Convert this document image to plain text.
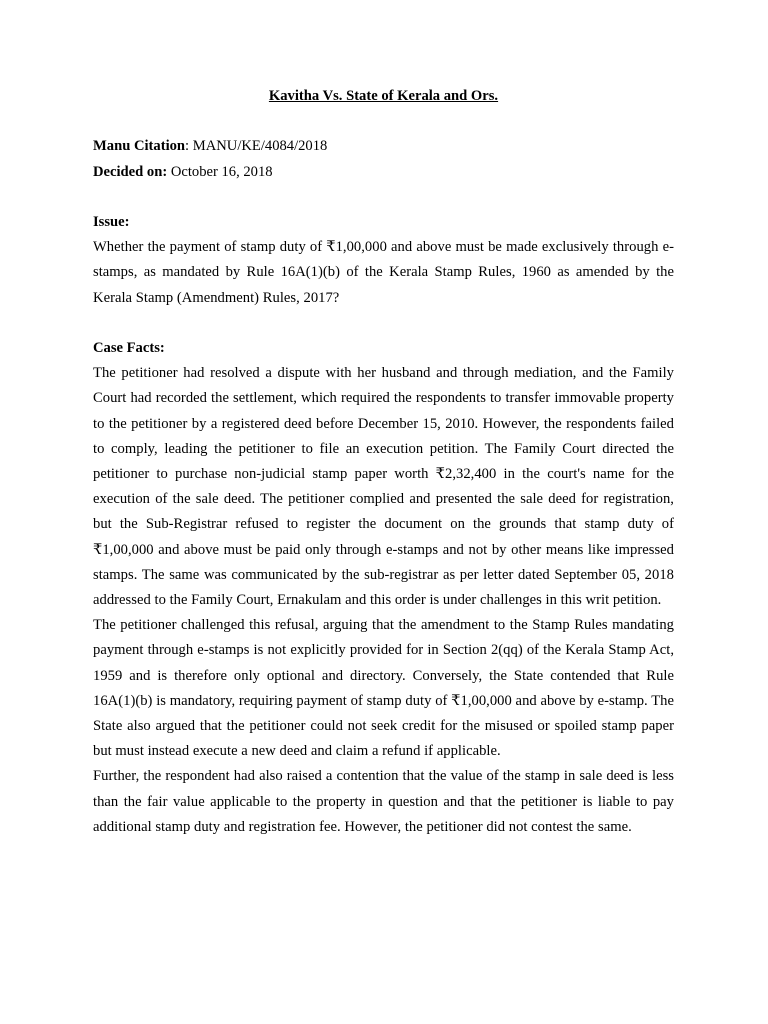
Kavitha Vs. State of Kerala and Ors.

Manu Citation: MANU/KE/4084/2018

Decided on: October 16, 2018

Issue:

Whether the payment of stamp duty of ₹1,00,000 and above must be made exclusively through e-stamps, as mandated by Rule 16A(1)(b) of the Kerala Stamp Rules, 1960 as amended by the Kerala Stamp (Amendment) Rules, 2017?

Case Facts:

The petitioner had resolved a dispute with her husband and through mediation, and the Family Court had recorded the settlement, which required the respondents to transfer immovable property to the petitioner by a registered deed before December 15, 2010. However, the respondents failed to comply, leading the petitioner to file an execution petition. The Family Court directed the petitioner to purchase non-judicial stamp paper worth ₹2,32,400 in the court's name for the execution of the sale deed. The petitioner complied and presented the sale deed for registration, but the Sub-Registrar refused to register the document on the grounds that stamp duty of ₹1,00,000 and above must be paid only through e-stamps and not by other means like impressed stamps. The same was communicated by the sub-registrar as per letter dated September 05, 2018 addressed to the Family Court, Ernakulam and this order is under challenges in this writ petition.

The petitioner challenged this refusal, arguing that the amendment to the Stamp Rules mandating payment through e-stamps is not explicitly provided for in Section 2(qq) of the Kerala Stamp Act, 1959 and is therefore only optional and directory. Conversely, the State contended that Rule 16A(1)(b) is mandatory, requiring payment of stamp duty of ₹1,00,000 and above by e-stamp. The State also argued that the petitioner could not seek credit for the misused or spoiled stamp paper but must instead execute a new deed and claim a refund if applicable.

Further, the respondent had also raised a contention that the value of the stamp in sale deed is less than the fair value applicable to the property in question and that the petitioner is liable to pay additional stamp duty and registration fee. However, the petitioner did not contest the same.
